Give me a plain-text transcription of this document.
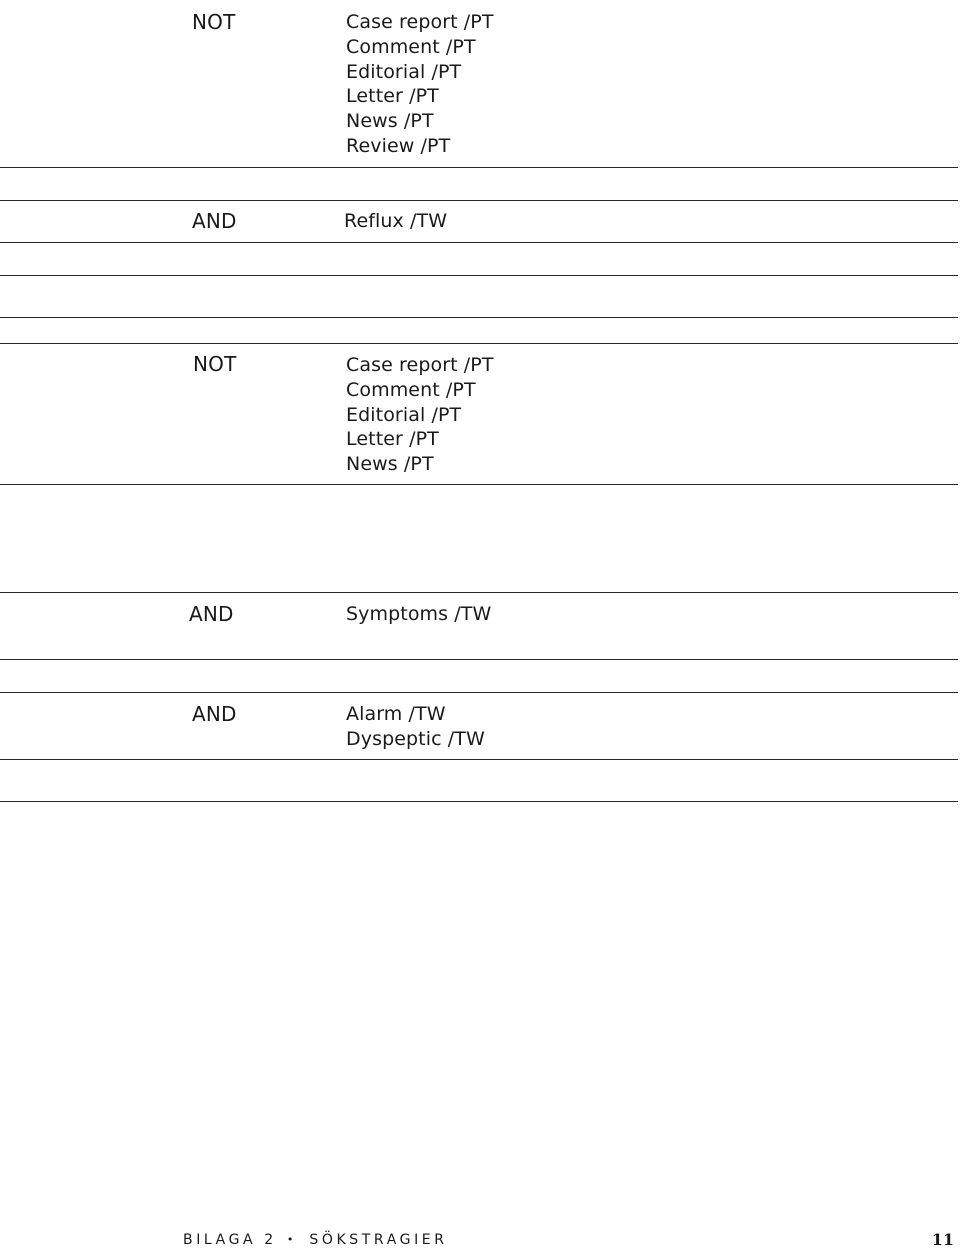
NOT	Case report /PT
Comment /PT
Editorial /PT
Letter /PT
News /PT
Review /PT
AND	Reflux /TW
NOT	Case report /PT
Comment /PT
Editorial /PT
Letter /PT
News /PT
AND	Symptoms /TW
AND	Alarm /TW
Dyspeptic /TW
BILAGA 2 • SÖKSTRAGIER	11
